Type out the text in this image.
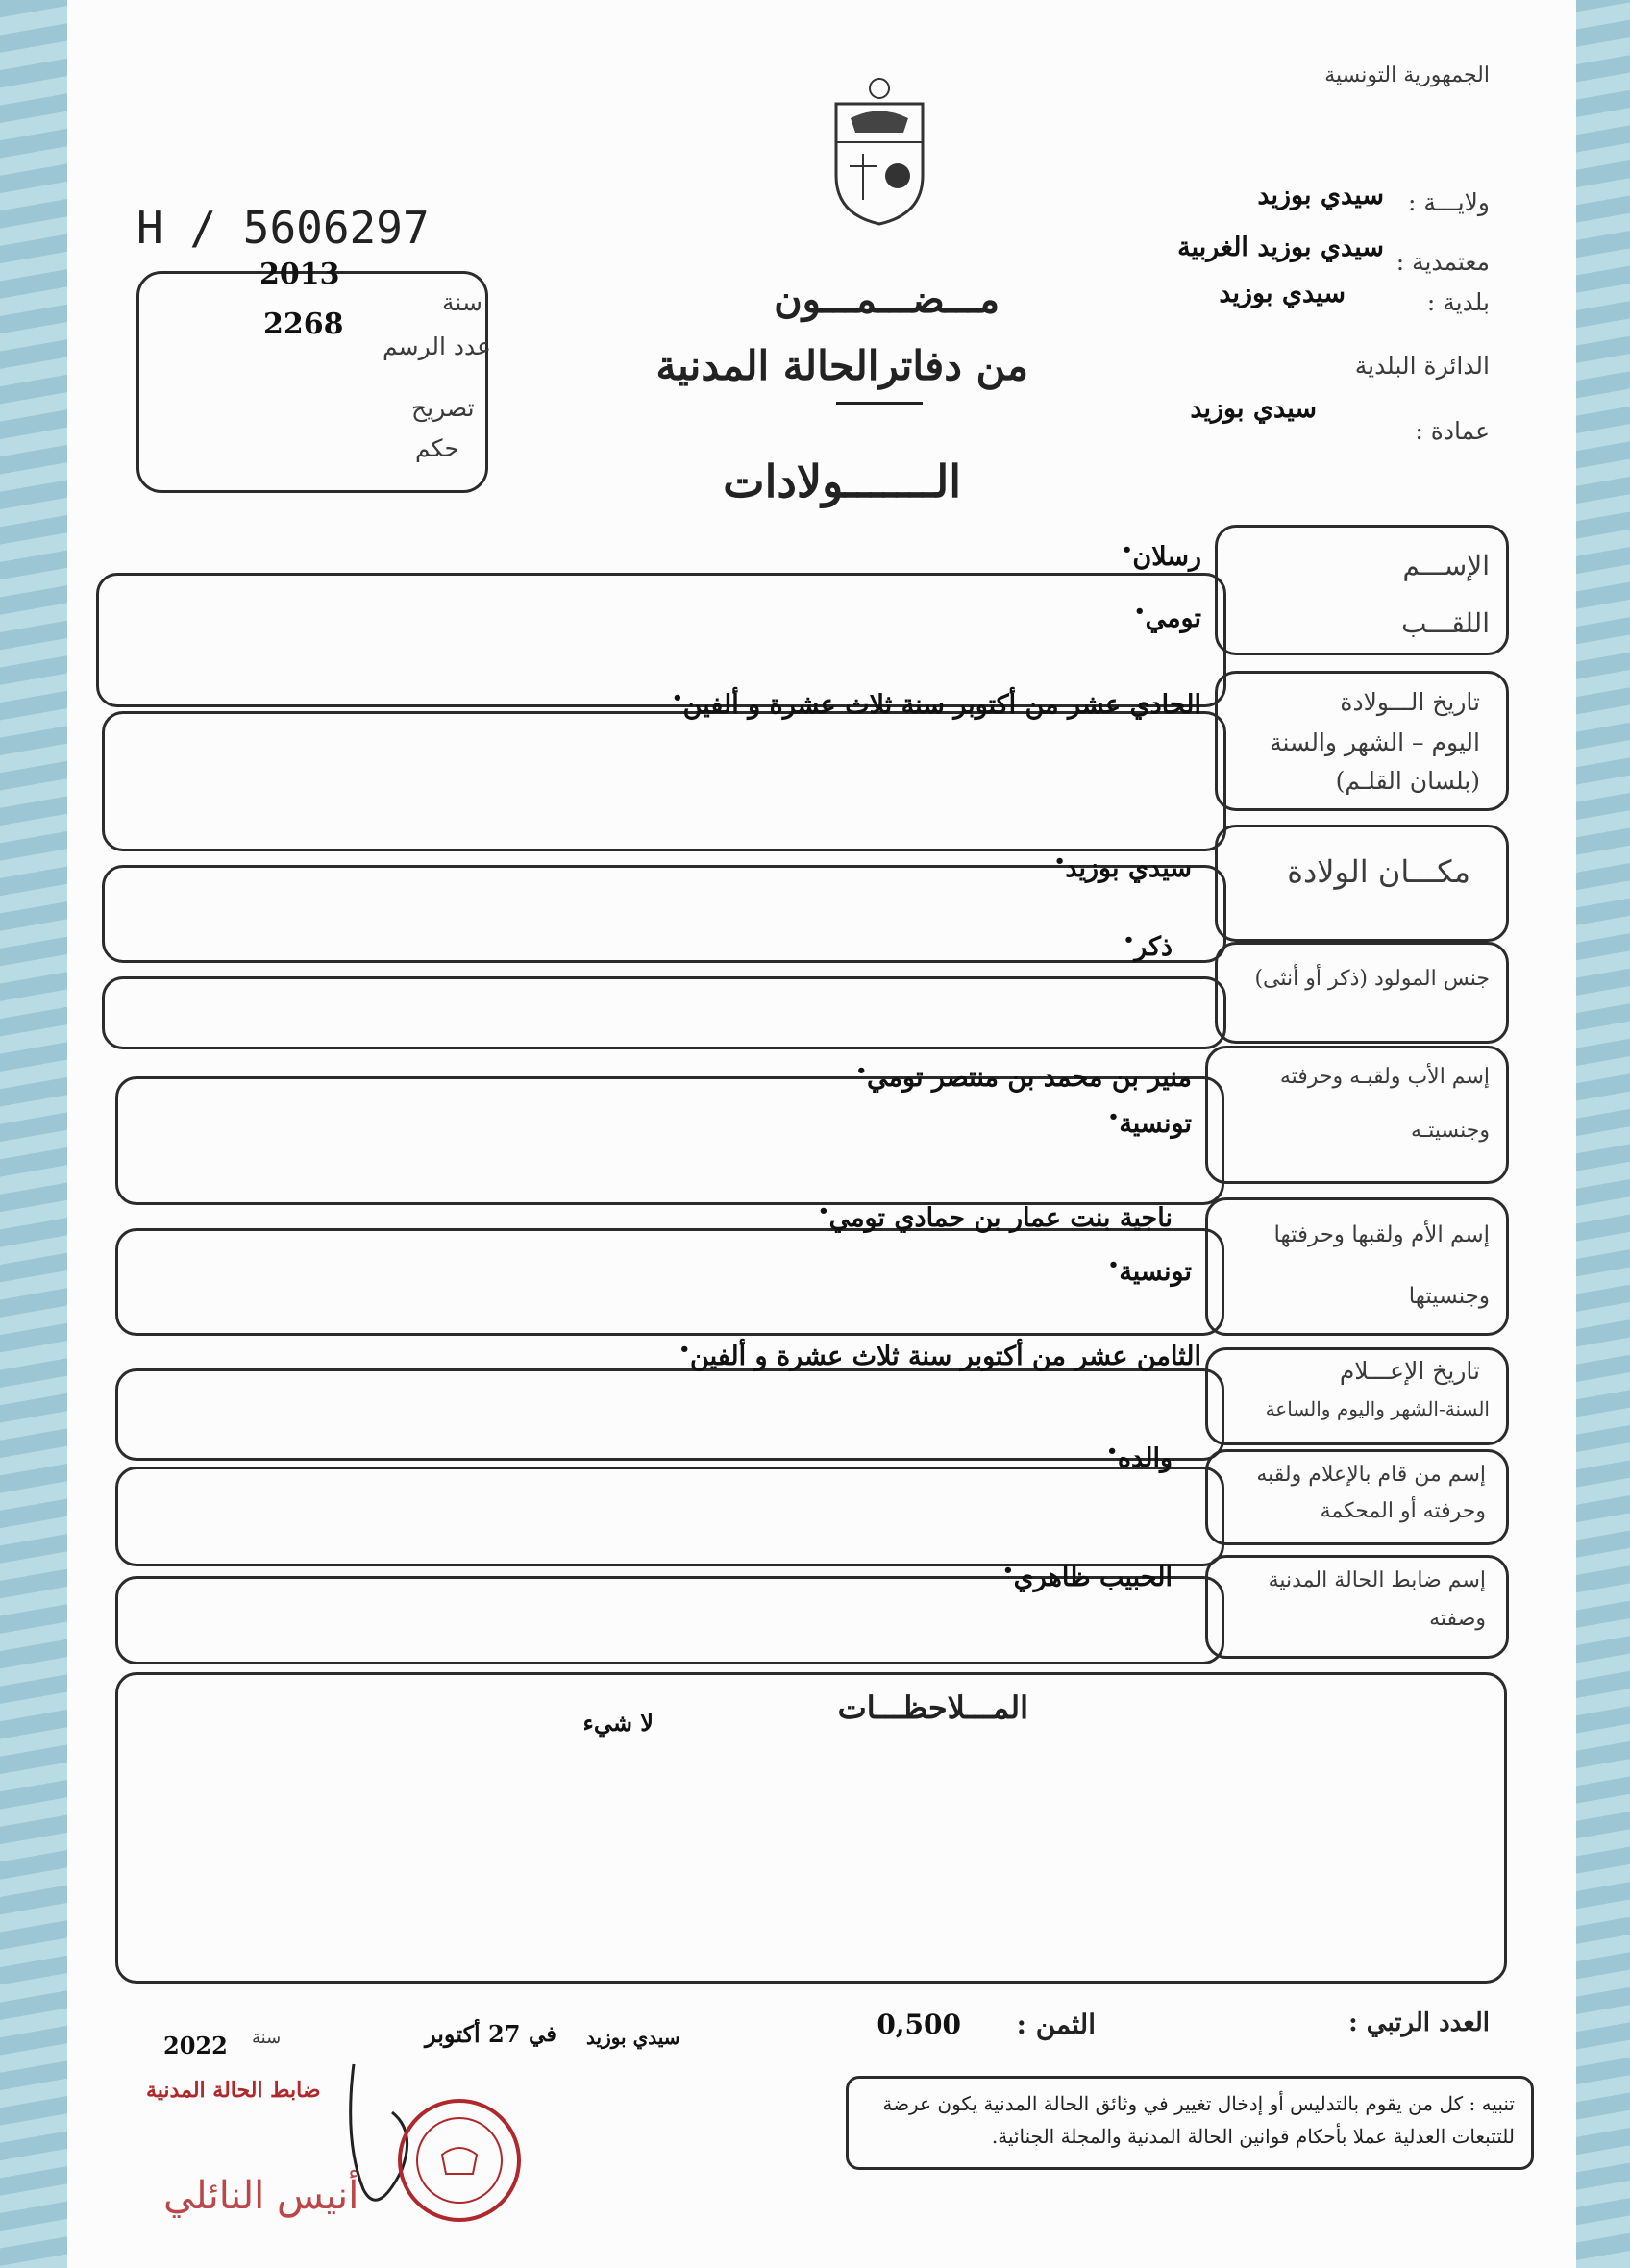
الجمهورية التونسية
ولايـــة :
سيدي بوزيد
معتمدية :
سيدي بوزيد الغربية
بلدية :
سيدي بوزيد
الدائرة البلدية
عمادة :
سيدي بوزيد
مـــضـــمـــون
من دفاترالحالة المدنية
الـــــــولادات
H / 5606297
سنة
2013
عدد الرسم
2268
تصريح
حكم
الإســـم
اللقـــب
رسلان •
تومي •
تاريخ الـــولادة
اليوم – الشهر والسنة
(بلسان القلـم)
الحادي عشر من أكتوبر سنة ثلاث عشرة و ألفين •
مكـــان الولادة
سيدي بوزيد •
جنس المولود (ذكر أو أنثى)
ذكر •
إسم الأب ولقبـه وحرفته
وجنسيتـه
منير بن محمد بن منتصر تومي •
تونسية •
إسم الأم ولقبها وحرفتها
وجنسيتها
ناجية بنت عمار بن حمادي تومي •
تونسية •
تاريخ الإعـــلام
السنة-الشهر واليوم والساعة
الثامن عشر من أكتوبر سنة ثلاث عشرة و ألفين •
إسم من قام بالإعلام ولقبه
وحرفته أو المحكمة
والده •
إسم ضابط الحالة المدنية
وصفته
الحبيب ظاهري •
المـــلاحظـــات
لا شيء
العدد الرتبي :
الثمن :
0,500
سيدي بوزيد
في
27 أكتوبر
سنة
2022
ضابط الحالة المدنية
أنيس النائلي
تنبيه : كل من يقوم بالتدليس أو إدخال تغيير في وثائق الحالة المدنية يكون عرضة للتتبعات العدلية عملا بأحكام قوانين الحالة المدنية والمجلة الجنائية.
